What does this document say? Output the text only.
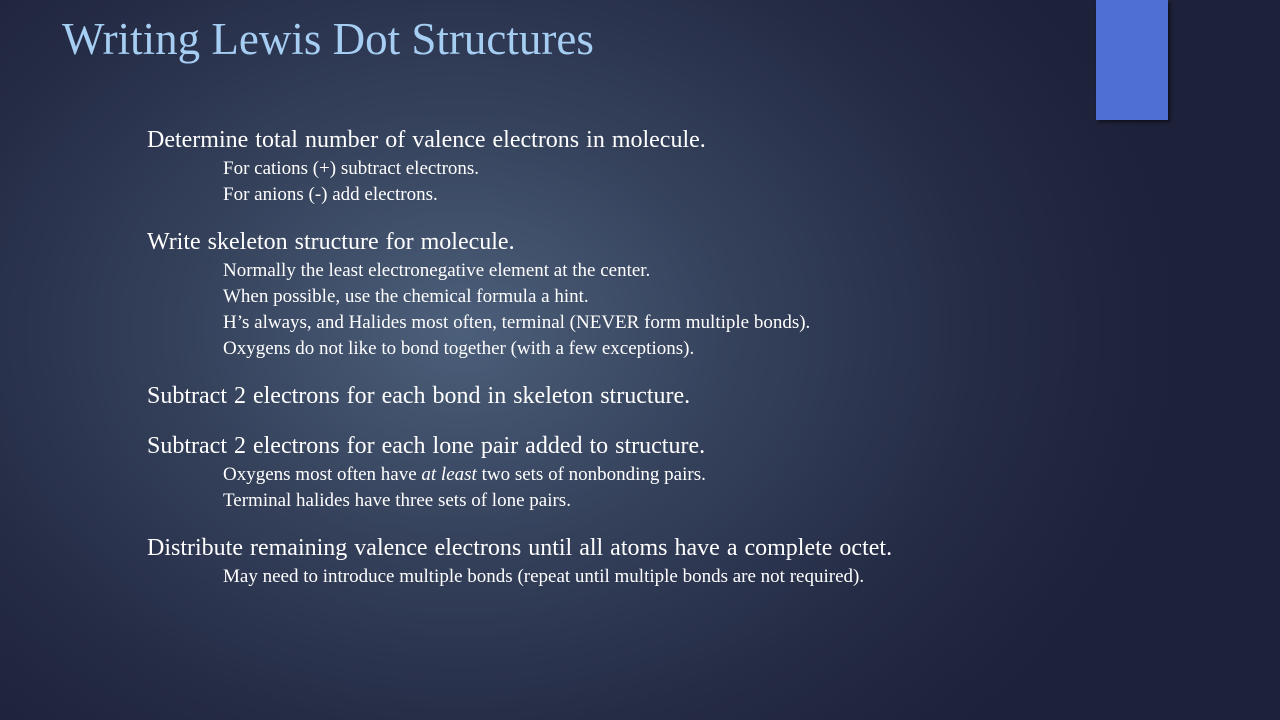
Writing Lewis Dot Structures
Determine total number of valence electrons in molecule.
For cations (+) subtract electrons.
For anions (-) add electrons.
Write skeleton structure for molecule.
Normally the least electronegative element at the center.
When possible, use the chemical formula a hint.
H’s always, and Halides most often, terminal (NEVER form multiple bonds).
Oxygens do not like to bond together (with a few exceptions).
Subtract 2 electrons for each bond in skeleton structure.
Subtract 2 electrons for each lone pair added to structure.
Oxygens most often have at least two sets of nonbonding pairs.
Terminal halides have three sets of lone pairs.
Distribute remaining valence electrons until all atoms have a complete octet.
May need to introduce multiple bonds (repeat until multiple bonds are not required).
